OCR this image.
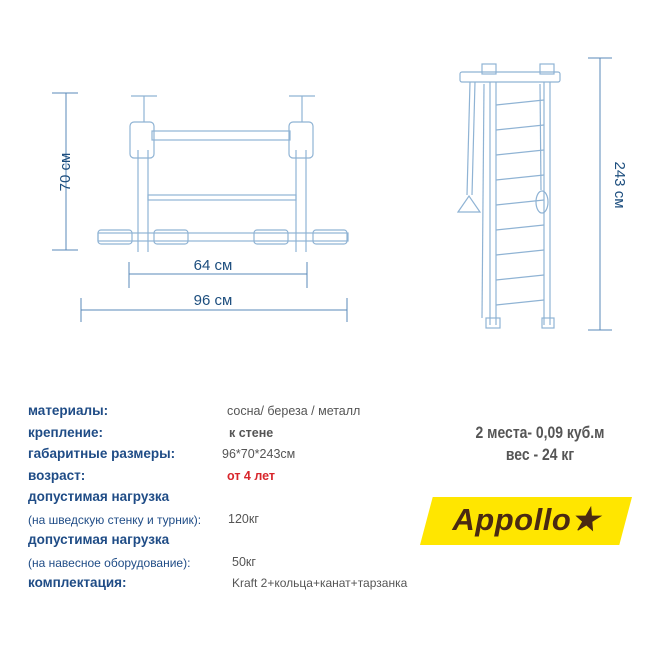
70 см
64 см
96 см
243 см
материалы:	сосна/ береза / металл
крепление:	к стене
габаритные размеры:	96*70*243см
возраст:	от 4 лет
допустимая нагрузка
(на шведскую стенку и турник): 120кг
допустимая нагрузка
(на навесное оборудование):	50кг
комплектация:	Kraft 2+кольца+канат+тарзанка
2 места- 0,09 куб.м
вес - 24 кг
Appollo★
